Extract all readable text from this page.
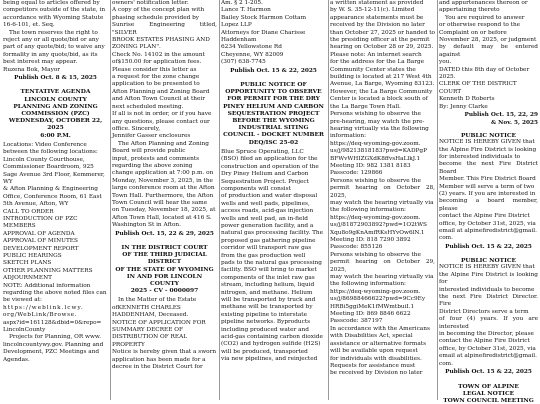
being equal to articles offered by

competitors outside of the state, in

accordance with Wyoming Statute

16-6-101, et. Seq.

The town reserves the right to

reject any or all quote/bid or any

part of any quote/bid; to waive any

formality in any quote/bid, as its

best interest may appear.

Ruzena Bok, Mayor

Publish Oct. 8 & 15, 2025

TENTATIVE AGENDA

LINCOLN COUNTY

PLANNING AND ZONING

COMMISSION (PZC)

WEDNESDAY, OCTOBER 22,

2025

6:00 P.M.

Locations: Video Conference

between the following locations:

Lincoln County Courthouse,

Commissioner Boardroom, 925

Sage Avenue 3rd Floor, Kemmerer,

WY

& Afton Planning & Engineering

Office, Conference Room, 61 East

5th Avenue, Afton, WY

CALL TO ORDER

INTRODUCTION OF PZC

MEMBERS

APPROVAL OF AGENDA

APPROVAL OF MINUTES

DEVELOPMENT REPORT

PUBLIC HEARINGS

SKETCH PLANS

OTHER PLANNING MATTERS

ADJOURNMENT

NOTE: Additional information

regarding the above noted files can

be viewed at:

https://weblink.lcwy.

org/WebLink/Browse.

aspx?id=161128&dbid=0&repo=

LincolnCounty

Projects for Planning, OR www.

lincolncountywy.gov. Planning and

Development, PZC Meetings and

Agendas.

owners' notification letter.

A copy of the concept plan with

phasing schedule provided by

Sunrise Engineering titled, "SILVER

BROOK ESTATES PHASING AND

ZONING PLAN".

Check No. 14102 in the amount

of$150.00 for application fees.

Please consider this letter as

a request for the zone change

application to be presented to

Afton Planning and Zoning Board

and Afton Town Council at their

next scheduled meeting.

If all is not in order, or if you have

any questions, please contact our

office. Sincerely,

Jennifer Gasser enclosures

The Afton Planning and Zoning

Board will provide public

input, protests and comments

regarding the above zoning

change application at 7:00 p.m. on

Monday, November 3, 2025, in the

large conference room at the Afton

Town Hall. Furthermore, the Afton

Town Council will hear the same

on Tuesday, November 18, 2025, at

Afton Town Hall, located at 416 S.

Washington St in Afton.

Publish Oct. 15, 22 & 29, 2025

IN THE DISTRICT COURT

OF THE THIRD JUDICIAL

DISTRICT

OF THE STATE OF WYOMING

IN AND FOR LINCOLN

COUNTY

2025 - CV - 0000097

In the Matter of the Estate

ofKENNETH CHARLES

HADDENHAM, Deceased.

NOTICE OF APPLICATION FOR

SUMMARY DECREE OF

DISTRIBUTION OF REAL

PROPERTY

Notice is hereby given that a sworn

application has been made for a

decree in the District Court for

Am. § 2 1-205.

Lance T. Harmon

Bailey Stock Harmon Cottam

Lopez LLP

Attorneys for Diane Charisse

Haddenham

6234 Yellowstone Rd

Cheyenne, WY 82009

(307) 638-7745

Publish Oct. 15 & 22, 2025

PUBLIC NOTICE OF

OPPORTUNITY TO OBSERVE

FOR PERMIT FOR THE DRY

PINEY HELIUM AND CARBON

SEQUESTRATION PROJECT

BEFORE THE WYOMING

INDUSTRIAL SITING

COUNCIL - DOCKET NUMBER

DEQ/ISC 25-02

Blue Spruce Operating, LLC

(BSO) filed an application for the

construction and operation of the

Dry Piney Helium and Carbon

Sequestration Project. Project

components will consist

of production and water disposal

wells and well pads, pipelines,

access roads, acid-gas injection

wells and well pad, an in-field

power generation facility, and a

natural gas processing facility. The

proposed gas gathering pipeline

corridor will transport raw gas

from the gas production well

pads to the natural gas processing

facility. BSO will bring to market

components of the inlet raw gas

stream, including helium, liquid

nitrogen, and methane. Helium

will be transported by truck and

methane will be transported by

existing pipeline to interstate

pipeline networks. Byproducts

including produced water and

acid-gas containing carbon dioxide

(CO2) and hydrogen sulfide (H2S)

will be produced, transported

via new pipelines, and reinjected

a written statement as provided

by W. S. 35-12-11(c). Limited

appearance statements must be

received by the Division no later

than October 27, 2025 or handed to

the presiding officer at the permit

hearing on October 28 or 29, 2025.

Please note: An internet search

for the address for the La Barge

Community Center states the

building is located at 217 West 4th

Avenue, La Barge, Wyoming 83123.

However, the La Barge Community

Center is located a block south of

the La Barge Town Hall.

Persons wishing to observe the

pre-hearing, may watch the pre-

hearing virtually via the following

information:

https://deq-wyoming-gov.zoom.

us/j/98213818183?pwd=KADPgP

BFWvWHIZGXdK8ffvsHaLlkJ.1

Meeting ID: 982 1381 8183

Passcode: 129866

Persons wishing to observe the

permit hearing on October 28, 2025,

may watch the hearing virtually via

the following information:

https://deq-wyoming-gov.zoom.

us/j/81872903892?pwd=1O2tWS

Xqu8o9gKnAmfRKsHYvOw6lN.1

Meeting ID: 818 7290 3892

Passcode: 855126

Persons wishing to observe the

permit hearing on October 29, 2025,

may watch the hearing virtually via

the following information:

https://deq-wyoming-gov.zoom.

us/j/86988466622?pwd=9Cc9Ey

HRBi5ggiMeK1fMWmtbuiI.1

Meeting ID: 869 8846 6622

Passcode: 387197

In accordance with the Americans

with Disabilities Act, special

assistance or alternative formats

will be available upon request

for individuals with disabilities.

Requests for assistance must

be received by Division no later

and appurtenances thereon or

appertaining thereto

You are required to answer

or otherwise respond to the

Complaint on or before

November 28, 2025, or judgment

by default may be entered against

you.

DATED this 8th day of October

2025.

CLERK OF THE DISTRICT

COURT

Kenneth D Roberts

By: Jenny Clarke

Publish Oct. 15, 22, 29

& Nov. 5, 2025

PUBLIC NOTICE

NOTICE IS HEREBY GIVEN that

the Alpine Fire District is looking

for interested individuals to

become the next Fire District Board

Member. This Fire District Board

Member will serve a term of two

(2) years. If you are interested in

becoming a board member, please

contact the Alpine Fire District

office, by October 31st, 2025, via

email at alpinefiredistrict@gmail.

com.

Publish Oct. 15 & 22, 2025

PUBLIC NOTICE

NOTICE IS HEREBY GIVEN that

the Alpine Fire District is looking for

interested individuals to become

the next Fire District Director. Fire

District Directors serve a term

of four (4) years. If you are interested

in becoming the Director, please

contact the Alpine Fire District

office, by October 31st, 2025, via

email at alpinefiredistrict@gmail.

com.

Publish Oct. 15 & 22, 2025

TOWN OF ALPINE

LEGAL NOTICE

TOWN COUNCIL MEETING
